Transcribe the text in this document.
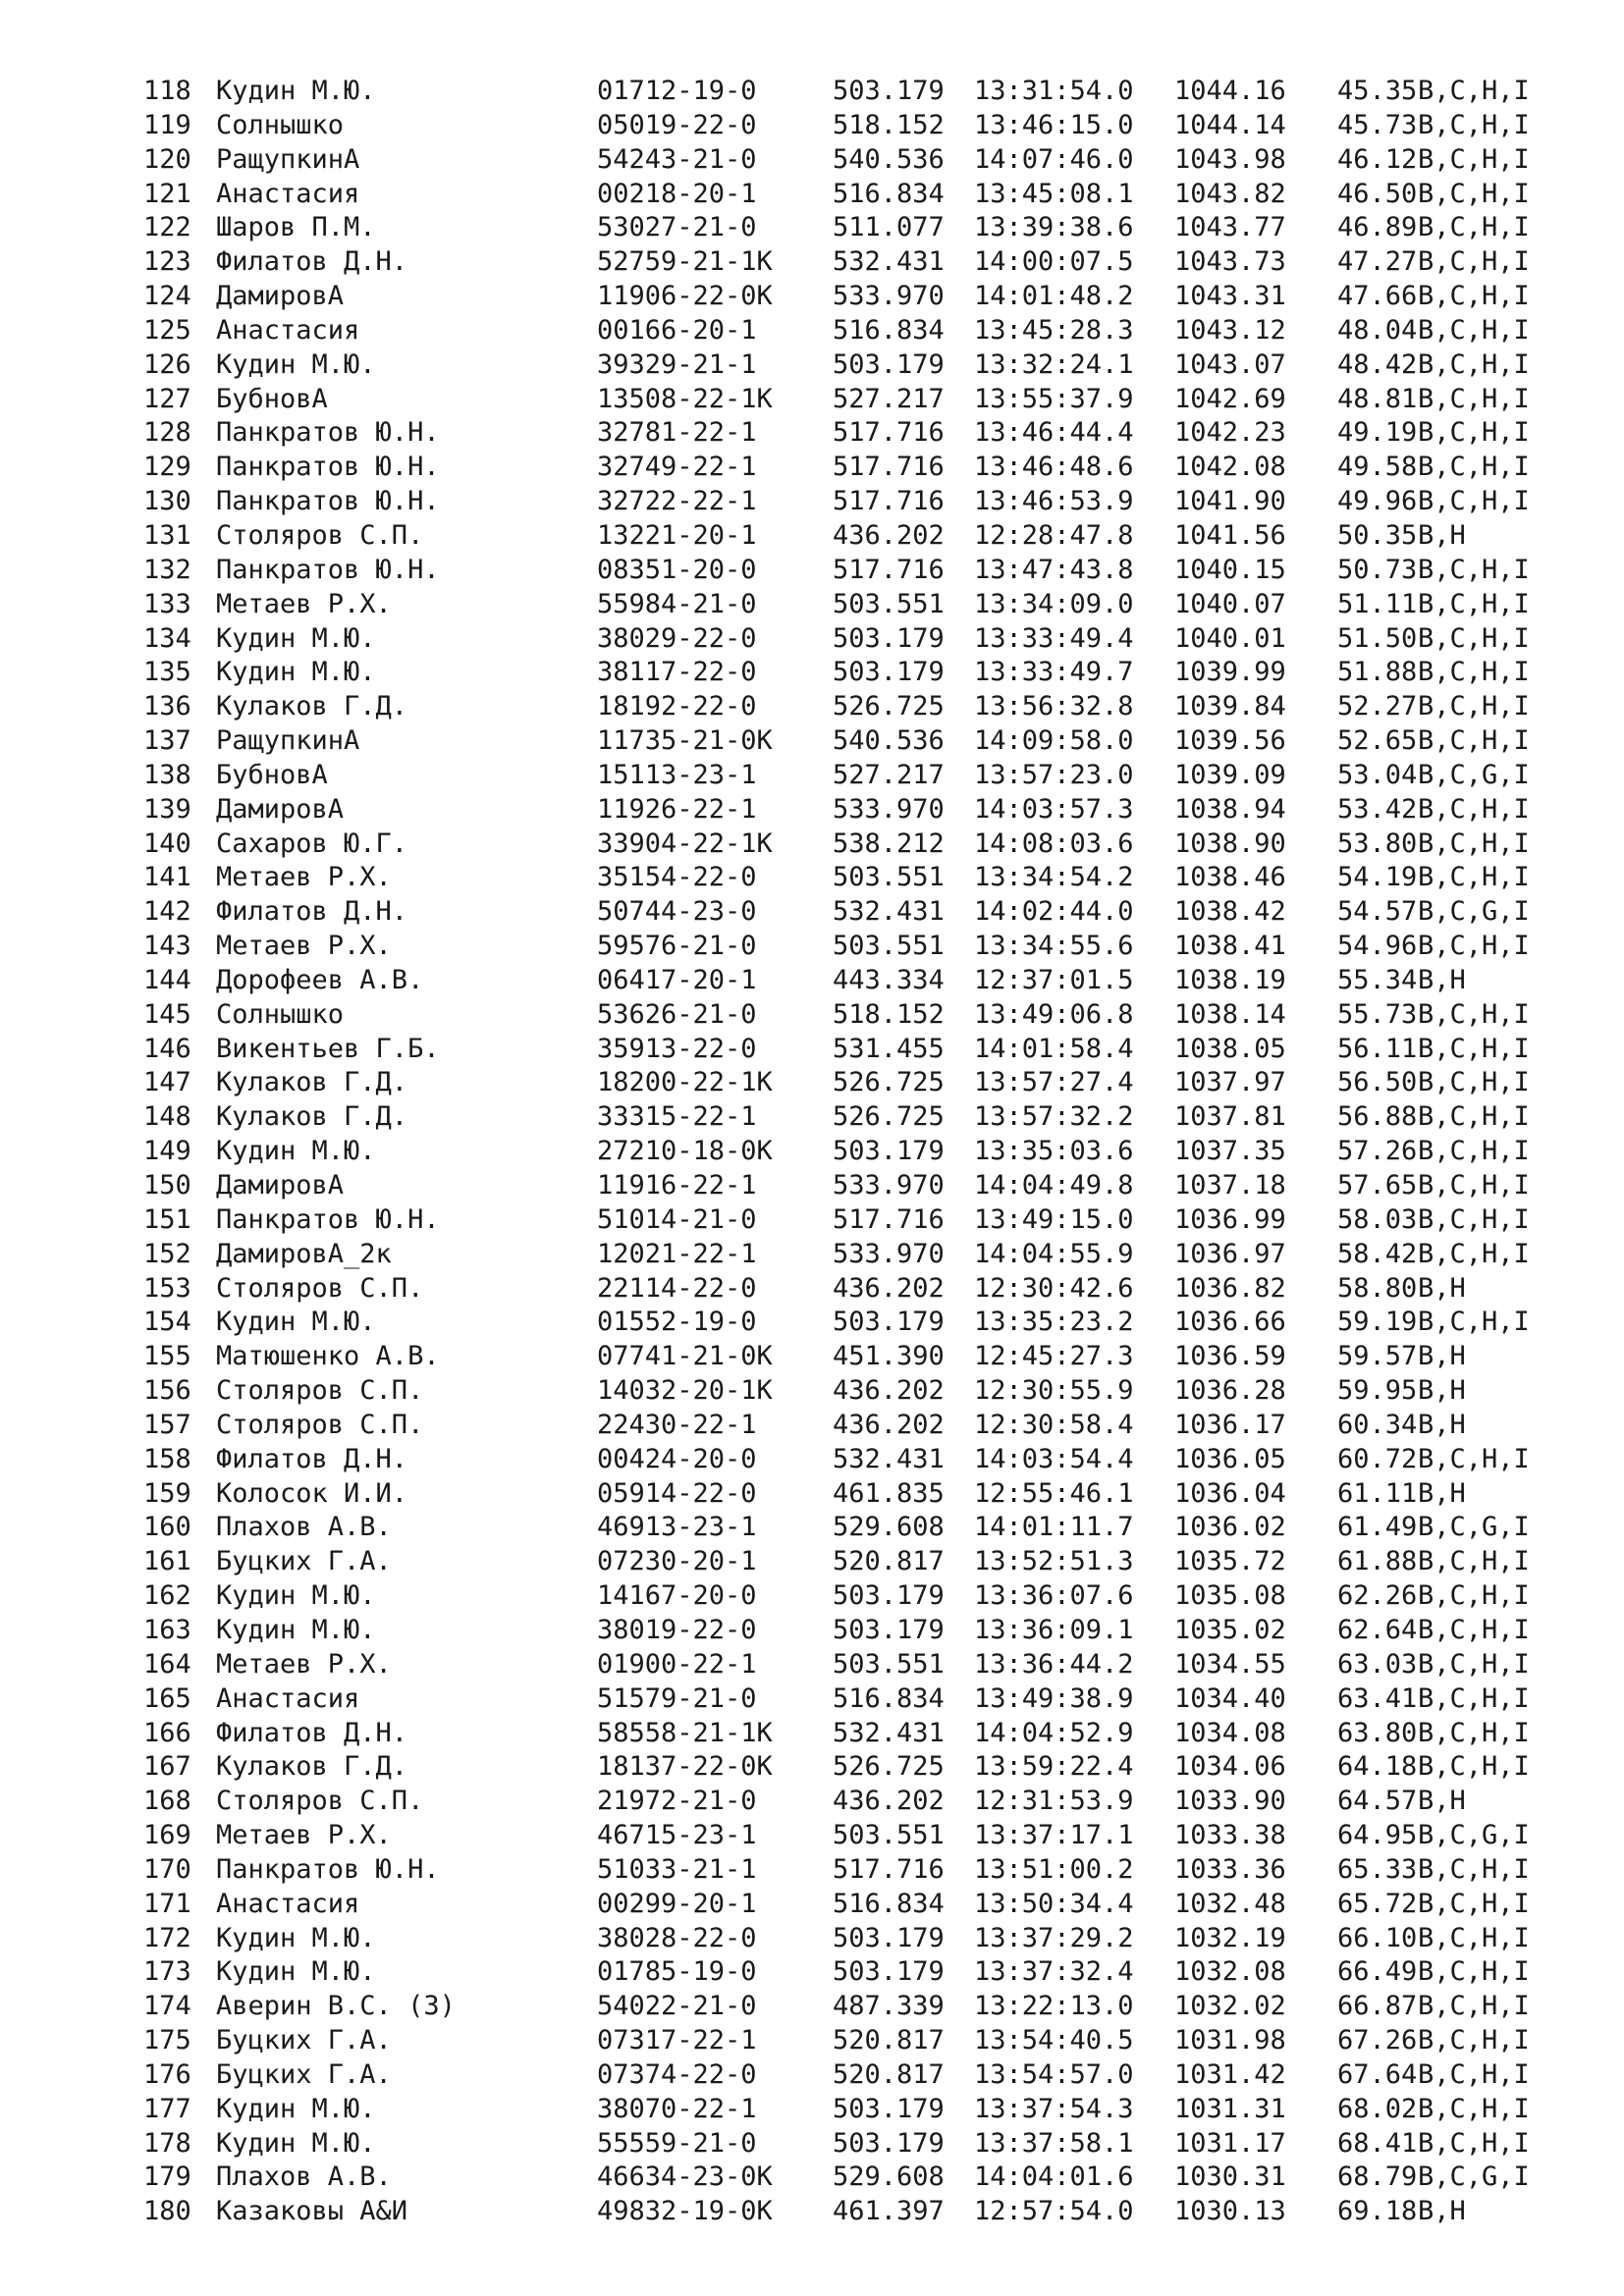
118 Кудин М.Ю.	01712-19-0	503.179 13:31:54.0 1044.16 45.35 B,C,H,I
119 Солнышко	05019-22-0	518.152 13:46:15.0 1044.14 45.73 B,C,H,I
120 РащупкинА	54243-21-0	540.536 14:07:46.0 1043.98 46.12 B,C,H,I
121 Анастасия	00218-20-1	516.834 13:45:08.1 1043.82 46.50 B,C,H,I
122 Шаров П.М.	53027-21-0	511.077 13:39:38.6 1043.77 46.89 B,C,H,I
123 Филатов Д.Н.	52759-21-1K 532.431 14:00:07.5 1043.73 47.27 B,C,H,I
124 ДамировА	11906-22-0K 533.970 14:01:48.2 1043.31 47.66 B,C,H,I
125 Анастасия	00166-20-1	516.834 13:45:28.3 1043.12 48.04 B,C,H,I
126 Кудин М.Ю.	39329-21-1	503.179 13:32:24.1 1043.07 48.42 B,C,H,I
127 БубновА	13508-22-1K 527.217 13:55:37.9 1042.69 48.81 B,C,H,I
128 Панкратов Ю.Н.	32781-22-1	517.716 13:46:44.4 1042.23 49.19 B,C,H,I
129 Панкратов Ю.Н.	32749-22-1	517.716 13:46:48.6 1042.08 49.58 B,C,H,I
130 Панкратов Ю.Н.	32722-22-1	517.716 13:46:53.9 1041.90 49.96 B,C,H,I
131 Столяров С.П.	13221-20-1	436.202 12:28:47.8 1041.56 50.35 B,H
132 Панкратов Ю.Н.	08351-20-0	517.716 13:47:43.8 1040.15 50.73 B,C,H,I
133 Метаев Р.Х.	55984-21-0	503.551 13:34:09.0 1040.07 51.11 B,C,H,I
134 Кудин М.Ю.	38029-22-0	503.179 13:33:49.4 1040.01 51.50 B,C,H,I
135 Кудин М.Ю.	38117-22-0	503.179 13:33:49.7 1039.99 51.88 B,C,H,I
136 Кулаков Г.Д.	18192-22-0	526.725 13:56:32.8 1039.84 52.27 B,C,H,I
137 РащупкинА	11735-21-0K 540.536 14:09:58.0 1039.56 52.65 B,C,H,I
138 БубновА	15113-23-1	527.217 13:57:23.0 1039.09 53.04 B,C,G,I
139 ДамировА	11926-22-1	533.970 14:03:57.3 1038.94 53.42 B,C,H,I
140 Сахаров Ю.Г.	33904-22-1K 538.212 14:08:03.6 1038.90 53.80 B,C,H,I
141 Метаев Р.Х.	35154-22-0	503.551 13:34:54.2 1038.46 54.19 B,C,H,I
142 Филатов Д.Н.	50744-23-0	532.431 14:02:44.0 1038.42 54.57 B,C,G,I
143 Метаев Р.Х.	59576-21-0	503.551 13:34:55.6 1038.41 54.96 B,C,H,I
144 Дорофеев А.В.	06417-20-1	443.334 12:37:01.5 1038.19 55.34 B,H
145 Солнышко	53626-21-0	518.152 13:49:06.8 1038.14 55.73 B,C,H,I
146 Викентьев Г.Б.	35913-22-0	531.455 14:01:58.4 1038.05 56.11 B,C,H,I
147 Кулаков Г.Д.	18200-22-1K 526.725 13:57:27.4 1037.97 56.50 B,C,H,I
148 Кулаков Г.Д.	33315-22-1	526.725 13:57:32.2 1037.81 56.88 B,C,H,I
149 Кудин М.Ю.	27210-18-0K 503.179 13:35:03.6 1037.35 57.26 B,C,H,I
150 ДамировА	11916-22-1	533.970 14:04:49.8 1037.18 57.65 B,C,H,I
151 Панкратов Ю.Н.	51014-21-0	517.716 13:49:15.0 1036.99 58.03 B,C,H,I
152 ДамировА_2к	12021-22-1	533.970 14:04:55.9 1036.97 58.42 B,C,H,I
153 Столяров С.П.	22114-22-0	436.202 12:30:42.6 1036.82 58.80 B,H
154 Кудин М.Ю.	01552-19-0	503.179 13:35:23.2 1036.66 59.19 B,C,H,I
155 Матюшенко А.В.	07741-21-0K 451.390 12:45:27.3 1036.59 59.57 B,H
156 Столяров С.П.	14032-20-1K 436.202 12:30:55.9 1036.28 59.95 B,H
157 Столяров С.П.	22430-22-1	436.202 12:30:58.4 1036.17 60.34 B,H
158 Филатов Д.Н.	00424-20-0	532.431 14:03:54.4 1036.05 60.72 B,C,H,I
159 Колосок И.И.	05914-22-0	461.835 12:55:46.1 1036.04 61.11 B,H
160 Плахов А.В.	46913-23-1	529.608 14:01:11.7 1036.02 61.49 B,C,G,I
161 Буцких Г.А.	07230-20-1	520.817 13:52:51.3 1035.72 61.88 B,C,H,I
162 Кудин М.Ю.	14167-20-0	503.179 13:36:07.6 1035.08 62.26 B,C,H,I
163 Кудин М.Ю.	38019-22-0	503.179 13:36:09.1 1035.02 62.64 B,C,H,I
164 Метаев Р.Х.	01900-22-1	503.551 13:36:44.2 1034.55 63.03 B,C,H,I
165 Анастасия	51579-21-0	516.834 13:49:38.9 1034.40 63.41 B,C,H,I
166 Филатов Д.Н.	58558-21-1K 532.431 14:04:52.9 1034.08 63.80 B,C,H,I
167 Кулаков Г.Д.	18137-22-0K 526.725 13:59:22.4 1034.06 64.18 B,C,H,I
168 Столяров С.П.	21972-21-0	436.202 12:31:53.9 1033.90 64.57 B,H
169 Метаев Р.Х.	46715-23-1	503.551 13:37:17.1 1033.38 64.95 B,C,G,I
170 Панкратов Ю.Н.	51033-21-1	517.716 13:51:00.2 1033.36 65.33 B,C,H,I
171 Анастасия	00299-20-1	516.834 13:50:34.4 1032.48 65.72 B,C,H,I
172 Кудин М.Ю.	38028-22-0	503.179 13:37:29.2 1032.19 66.10 B,C,H,I
173 Кудин М.Ю.	01785-19-0	503.179 13:37:32.4 1032.08 66.49 B,C,H,I
174 Аверин В.С. (З)	54022-21-0	487.339 13:22:13.0 1032.02 66.87 B,C,H,I
175 Буцких Г.А.	07317-22-1	520.817 13:54:40.5 1031.98 67.26 B,C,H,I
176 Буцких Г.А.	07374-22-0	520.817 13:54:57.0 1031.42 67.64 B,C,H,I
177 Кудин М.Ю.	38070-22-1	503.179 13:37:54.3 1031.31 68.02 B,C,H,I
178 Кудин М.Ю.	55559-21-0	503.179 13:37:58.1 1031.17 68.41 B,C,H,I
179 Плахов А.В.	46634-23-0K 529.608 14:04:01.6 1030.31 68.79 B,C,G,I
180 Казаковы А&И	49832-19-0K 461.397 12:57:54.0 1030.13 69.18 B,H
